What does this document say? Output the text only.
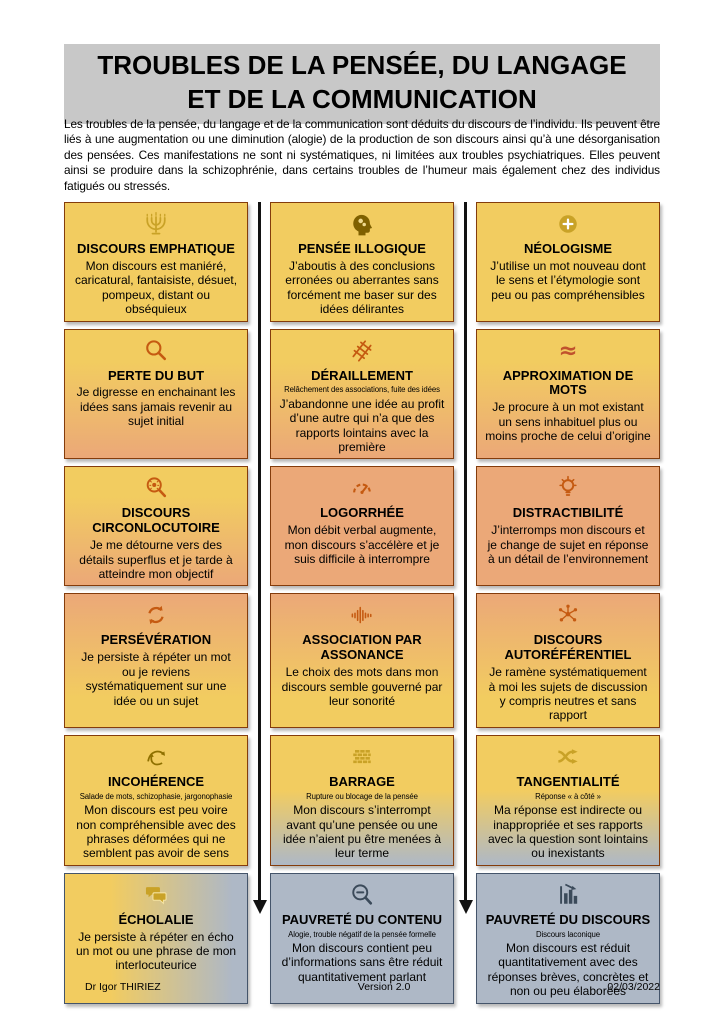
TROUBLES DE LA PENSÉE, DU LANGAGE
ET DE LA COMMUNICATION

Les troubles de la pensée, du langage et de la communication sont déduits du discours de l’individu. Ils peuvent être liés à une augmentation ou une diminution (alogie) de la production de son discours ainsi qu’à une désorganisation des pensées. Ces manifestations ne sont ni systématiques, ni limitées aux troubles psychiatriques. Elles peuvent ainsi se produire dans la schizophrénie, dans certains troubles de l’humeur mais également chez des individus fatigués ou stressés.

DISCOURS EMPHATIQUE
Mon discours est maniéré, caricatural, fantaisiste, désuet, pompeux, distant ou obséquieux
PENSÉE ILLOGIQUE
J’aboutis à des conclusions erronées ou aberrantes sans forcément me baser sur des idées délirantes
NÉOLOGISME
J’utilise un mot nouveau dont le sens et l’étymologie sont peu ou pas compréhensibles
PERTE DU BUT
Je digresse en enchainant les idées sans jamais revenir au sujet initial
DÉRAILLEMENT
Relâchement des associations, fuite des idées
J’abandonne une idée au profit d’une autre qui n’a que des rapports lointains avec la première
≈
APPROXIMATION DE MOTS
Je procure à un mot existant un sens inhabituel plus ou moins proche de celui d’origine
DISCOURS CIRCONLOCUTOIRE
Je me détourne vers des détails superflus et je tarde à atteindre mon objectif
LOGORRHÉE
Mon débit verbal augmente, mon discours s’accélère et je suis difficile à interrompre
DISTRACTIBILITÉ
J’interromps mon discours et je change de sujet en réponse à un détail de l’environnement
PERSÉVÉRATION
Je persiste à répéter un mot ou je reviens systématiquement sur une idée ou un sujet
ASSOCIATION PAR ASSONANCE
Le choix des mots dans mon discours semble gouverné par leur sonorité
DISCOURS AUTORÉFÉRENTIEL
Je ramène systématiquement à moi les sujets de discussion y compris neutres et sans rapport
INCOHÉRENCE
Salade de mots, schizophasie, jargonophasie
Mon discours est peu voire non compréhensible avec des phrases déformées qui ne semblent pas avoir de sens
BARRAGE
Rupture ou blocage de la pensée
Mon discours s’interrompt avant qu’une pensée ou une idée n’aient pu être menées à leur terme
TANGENTIALITÉ
Réponse « à côté »
Ma réponse est indirecte ou inappropriée et ses rapports avec la question sont lointains ou inexistants
ÉCHOLALIE
Je persiste à répéter en écho un mot ou une phrase de mon interlocuteurice
PAUVRETÉ DU CONTENU
Alogie, trouble négatif de la pensée formelle
Mon discours contient peu d’informations sans être réduit quantitativement parlant
PAUVRETÉ DU DISCOURS
Discours laconique
Mon discours est réduit quantitativement avec des réponses brèves, concrètes et non ou peu élaborées
Dr Igor THIRIEZ	Version 2.0	02/03/2022
